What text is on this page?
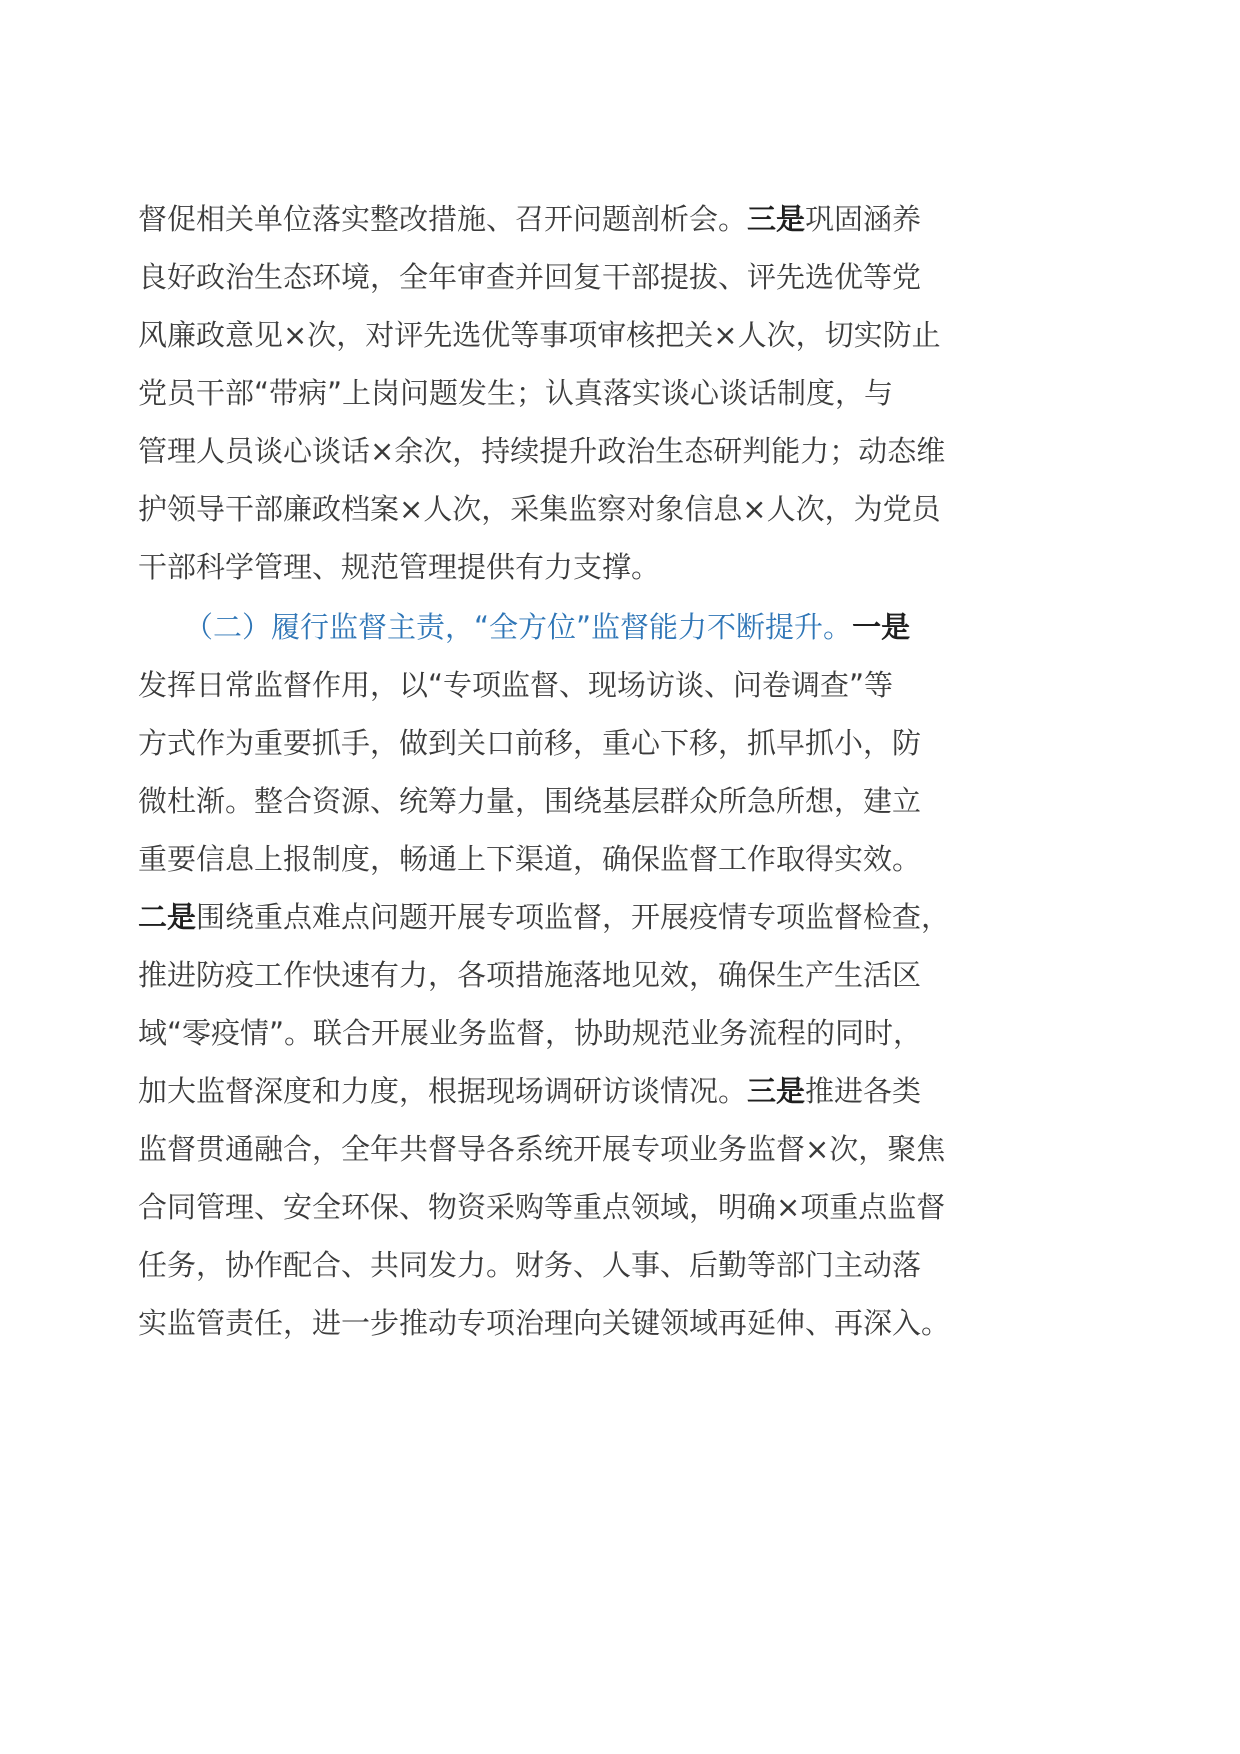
督促相关单位落实整改措施、召开问题剖析会。三是巩固涵养
良好政治生态环境，全年审查并回复干部提拔、评先选优等党
风廉政意见×次，对评先选优等事项审核把关×人次，切实防止
党员干部“带病”上岗问题发生；认真落实谈心谈话制度，与
管理人员谈心谈话×余次，持续提升政治生态研判能力；动态维
护领导干部廉政档案×人次，采集监察对象信息×人次，为党员
干部科学管理、规范管理提供有力支撑。
（二）履行监督主责，“全方位”监督能力不断提升。一是
发挥日常监督作用，以“专项监督、现场访谈、问卷调查”等
方式作为重要抓手，做到关口前移，重心下移，抓早抓小，防
微杜渐。整合资源、统筹力量，围绕基层群众所急所想，建立
重要信息上报制度，畅通上下渠道，确保监督工作取得实效。
二是围绕重点难点问题开展专项监督，开展疫情专项监督检查，
推进防疫工作快速有力，各项措施落地见效，确保生产生活区
域“零疫情”。联合开展业务监督，协助规范业务流程的同时，
加大监督深度和力度，根据现场调研访谈情况。三是推进各类
监督贯通融合，全年共督导各系统开展专项业务监督×次，聚焦
合同管理、安全环保、物资采购等重点领域，明确×项重点监督
任务，协作配合、共同发力。财务、人事、后勤等部门主动落
实监管责任，进一步推动专项治理向关键领域再延伸、再深入。
